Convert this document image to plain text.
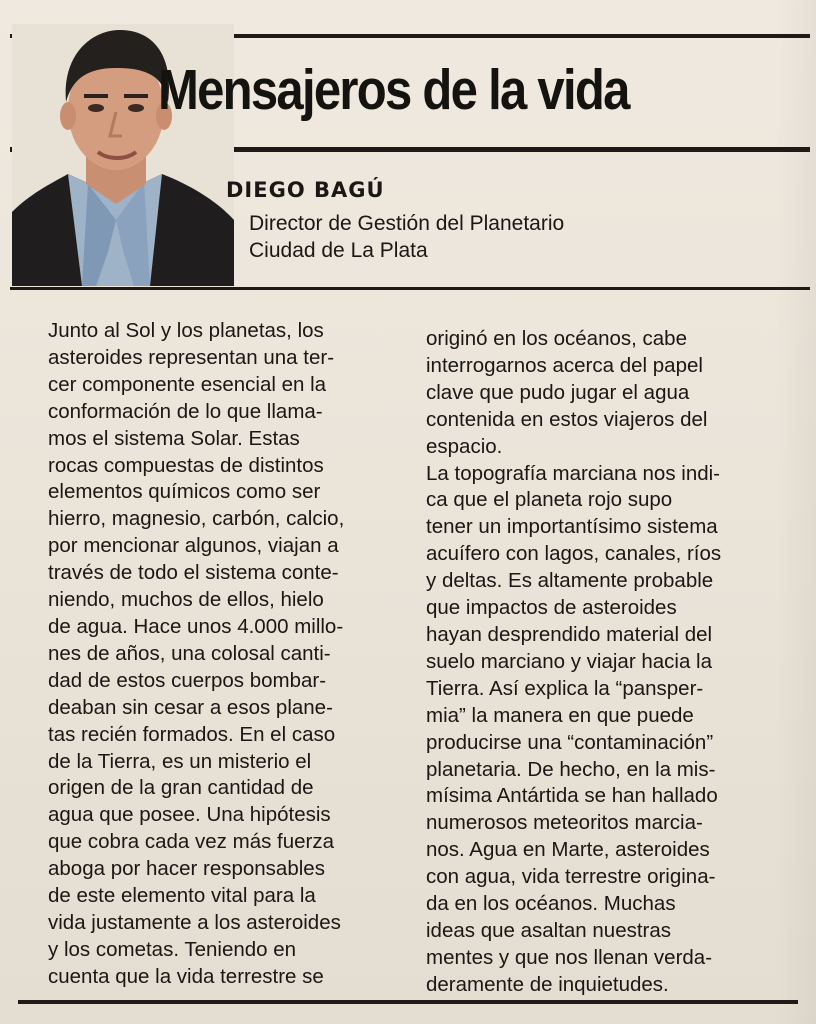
Mensajeros de la vida
DIEGO BAGÚ
Director de Gestión del Planetario
Ciudad de La Plata
Junto al Sol y los planetas, los
asteroides representan una ter-
cer componente esencial en la
conformación de lo que llama-
mos el sistema Solar. Estas
rocas compuestas de distintos
elementos químicos como ser
hierro, magnesio, carbón, calcio,
por mencionar algunos, viajan a
través de todo el sistema conte-
niendo, muchos de ellos, hielo
de agua. Hace unos 4.000 millo-
nes de años, una colosal canti-
dad de estos cuerpos bombar-
deaban sin cesar a esos plane-
tas recién formados. En el caso
de la Tierra, es un misterio el
origen de la gran cantidad de
agua que posee. Una hipótesis
que cobra cada vez más fuerza
aboga por hacer responsables
de este elemento vital para la
vida justamente a los asteroides
y los cometas. Teniendo en
cuenta que la vida terrestre se
originó en los océanos, cabe
interrogarnos acerca del papel
clave que pudo jugar el agua
contenida en estos viajeros del
espacio.
La topografía marciana nos indi-
ca que el planeta rojo supo
tener un importantísimo sistema
acuífero con lagos, canales, ríos
y deltas. Es altamente probable
que impactos de asteroides
hayan desprendido material del
suelo marciano y viajar hacia la
Tierra. Así explica la “pansper-
mia” la manera en que puede
producirse una “contaminación”
planetaria. De hecho, en la mis-
mísima Antártida se han hallado
numerosos meteoritos marcia-
nos. Agua en Marte, asteroides
con agua, vida terrestre origina-
da en los océanos. Muchas
ideas que asaltan nuestras
mentes y que nos llenan verda-
deramente de inquietudes.
